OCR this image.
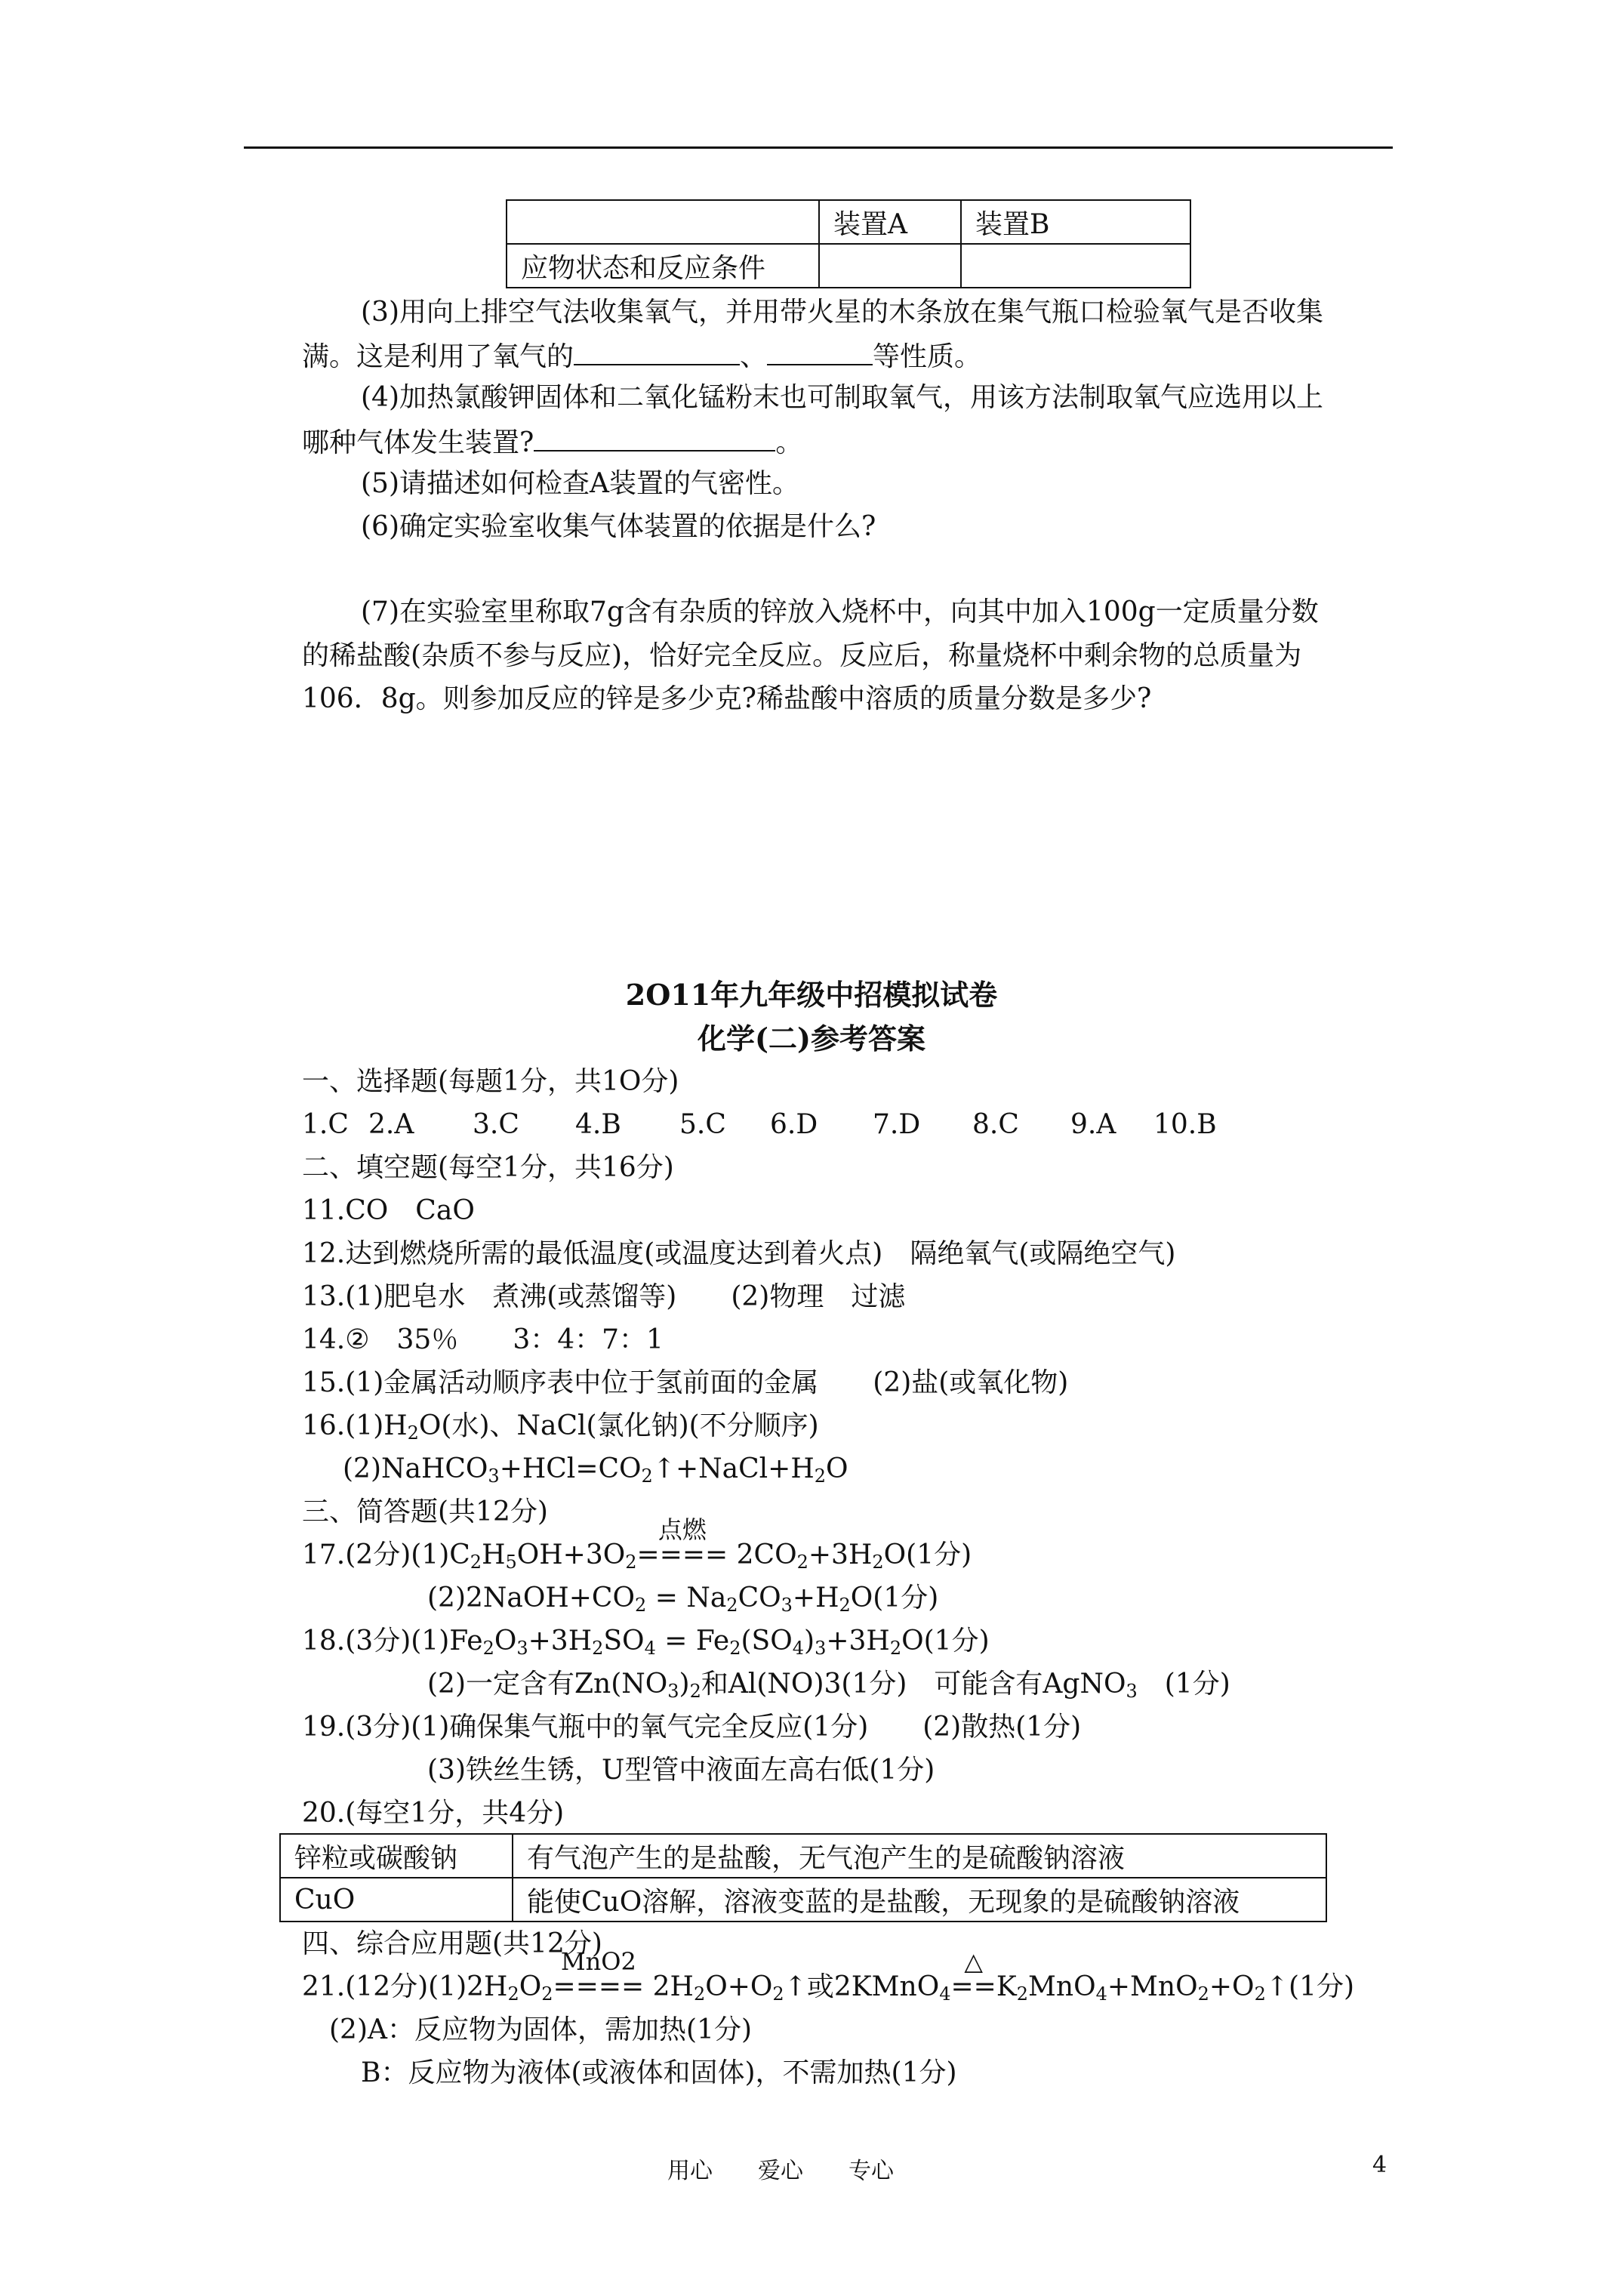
	装置A	装置B
应物状态和反应条件		
(3)用向上排空气法收集氧气，并用带火星的木条放在集气瓶口检验氧气是否收集
满。这是利用了氧气的	、	等性质。
(4)加热氯酸钾固体和二氧化锰粉末也可制取氧气，用该方法制取氧气应选用以上
哪种气体发生装置?	。
(5)请描述如何检查A装置的气密性。
(6)确定实验室收集气体装置的依据是什么?
(7)在实验室里称取7g含有杂质的锌放入烧杯中，向其中加入100g一定质量分数
的稀盐酸(杂质不参与反应)，恰好完全反应。反应后，称量烧杯中剩余物的总质量为
106．8g。则参加反应的锌是多少克?稀盐酸中溶质的质量分数是多少?
2O11年九年级中招模拟试卷
化学(二)参考答案
一、选择题(每题1分，共1O分)
1.C 2.A 3.C 4.B 5.C 6.D 7.D 8.C 9.A 10.B
二、填空题(每空1分，共16分)
11.CO　CaO
12.达到燃烧所需的最低温度(或温度达到着火点)　隔绝氧气(或隔绝空气)
13.(1)肥皂水　煮沸(或蒸馏等)　　(2)物理　过滤
14.②　35％　　3：4：7：1
15.(1)金属活动顺序表中位于氢前面的金属　　(2)盐(或氧化物)
$16.(1)H_2O$(水)、NaCl(氯化钠)(不分顺序)
$(2)NaHCO_3+HCl=CO_2↑+NaCl+H_2O$
三、简答题(共12分)
17.(2分)$(1)C_2H_5OH+3O_2$
点燃
==== $2CO_2+3H_2O(1$分)
$(2)2NaOH+CO_2 = Na_2CO_3+H_2O(1$分)
18.(3分)$(1)Fe_2O_3+3H_2SO_4 = Fe_2(SO_4)_3+3H_2O(1$分)
(2)一定含有$Zn(NO_3)_2$和Al(NO)3(1分)　可能含有AgNO$_3$　(1分)
19.(3分)(1)确保集气瓶中的氧气完全反应(1分)　　(2)散热(1分)
(3)铁丝生锈，U型管中液面左高右低(1分)
20.(每空1分，共4分)
锌粒或碳酸钠	有气泡产生的是盐酸，无气泡产生的是硫酸钠溶液
CuO	能使CuO溶解，溶液变蓝的是盐酸，无现象的是硫酸钠溶液
四、综合应用题(共12分)
21.(12分)$(1)2H_2O_2$
MnO2
==== $2H_2O+O_2↑$或2KMnO$_4$
△
$==K_2MnO_4+MnO_2+O_2↑(1$分)
(2)A：反应物为固体，需加热(1分)
B：反应物为液体(或液体和固体)，不需加热(1分)
用心　　爱心　　专心	4
